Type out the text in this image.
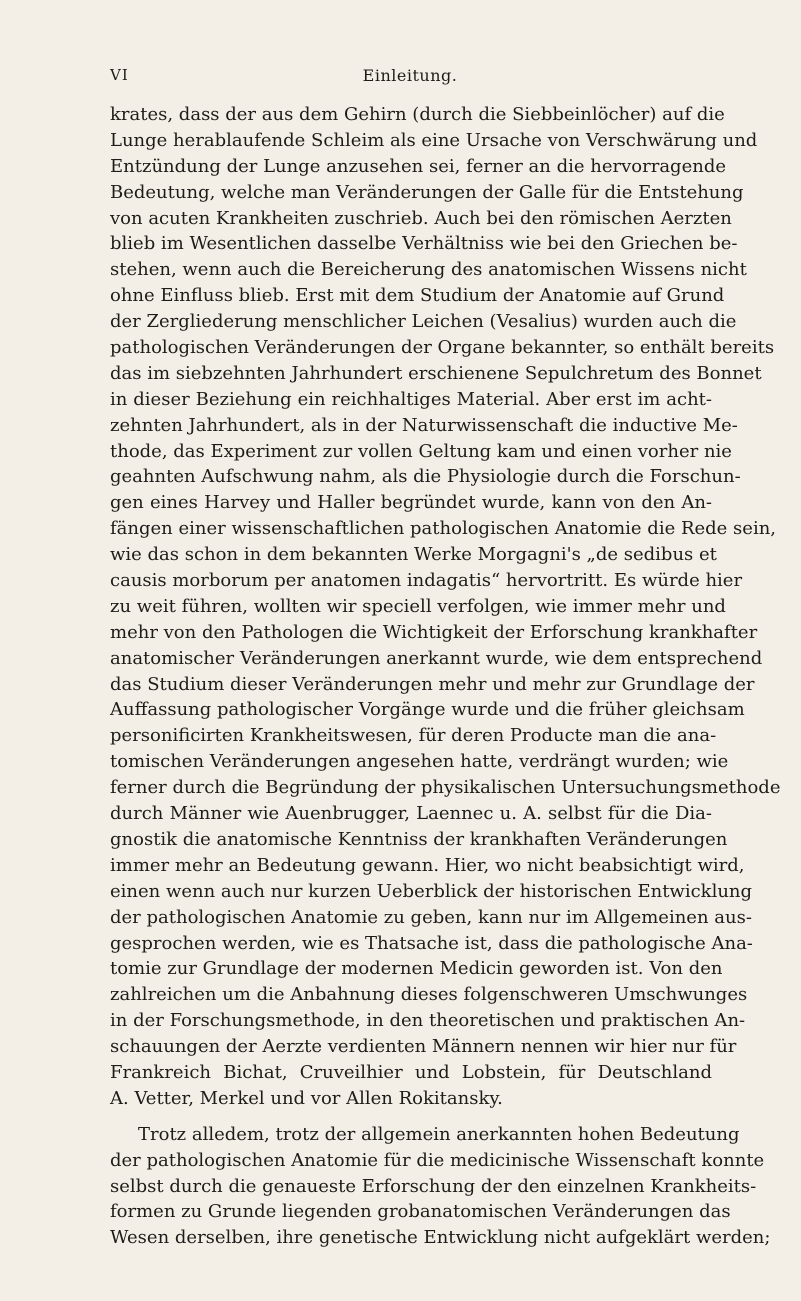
VI	Einleitung.
krates, dass der aus dem Gehirn (durch die Siebbeinlöcher) auf die
Lunge herablaufende Schleim als eine Ursache von Verschwärung und
Entzündung der Lunge anzusehen sei, ferner an die hervorragende
Bedeutung, welche man Veränderungen der Galle für die Entstehung
von acuten Krankheiten zuschrieb. Auch bei den römischen Aerzten
blieb im Wesentlichen dasselbe Verhältniss wie bei den Griechen be-
stehen, wenn auch die Bereicherung des anatomischen Wissens nicht
ohne Einfluss blieb. Erst mit dem Studium der Anatomie auf Grund
der Zergliederung menschlicher Leichen (Vesalius) wurden auch die
pathologischen Veränderungen der Organe bekannter, so enthält bereits
das im siebzehnten Jahrhundert erschienene Sepulchretum des Bonnet
in dieser Beziehung ein reichhaltiges Material. Aber erst im acht-
zehnten Jahrhundert, als in der Naturwissenschaft die inductive Me-
thode, das Experiment zur vollen Geltung kam und einen vorher nie
geahnten Aufschwung nahm, als die Physiologie durch die Forschun-
gen eines Harvey und Haller begründet wurde, kann von den An-
fängen einer wissenschaftlichen pathologischen Anatomie die Rede sein,
wie das schon in dem bekannten Werke Morgagni's „de sedibus et
causis morborum per anatomen indagatis“ hervortritt. Es würde hier
zu weit führen, wollten wir speciell verfolgen, wie immer mehr und
mehr von den Pathologen die Wichtigkeit der Erforschung krankhafter
anatomischer Veränderungen anerkannt wurde, wie dem entsprechend
das Studium dieser Veränderungen mehr und mehr zur Grundlage der
Auffassung pathologischer Vorgänge wurde und die früher gleichsam
personificirten Krankheitswesen, für deren Producte man die ana-
tomischen Veränderungen angesehen hatte, verdrängt wurden; wie
ferner durch die Begründung der physikalischen Untersuchungsmethode
durch Männer wie Auenbrugger, Laennec u. A. selbst für die Dia-
gnostik die anatomische Kenntniss der krankhaften Veränderungen
immer mehr an Bedeutung gewann. Hier, wo nicht beabsichtigt wird,
einen wenn auch nur kurzen Ueberblick der historischen Entwicklung
der pathologischen Anatomie zu geben, kann nur im Allgemeinen aus-
gesprochen werden, wie es Thatsache ist, dass die pathologische Ana-
tomie zur Grundlage der modernen Medicin geworden ist. Von den
zahlreichen um die Anbahnung dieses folgenschweren Umschwunges
in der Forschungsmethode, in den theoretischen und praktischen An-
schauungen der Aerzte verdienten Männern nennen wir hier nur für
Frankreich Bichat, Cruveilhier und Lobstein, für Deutschland
A. Vetter, Merkel und vor Allen Rokitansky.
Trotz alledem, trotz der allgemein anerkannten hohen Bedeutung
der pathologischen Anatomie für die medicinische Wissenschaft konnte
selbst durch die genaueste Erforschung der den einzelnen Krankheits-
formen zu Grunde liegenden grobanatomischen Veränderungen das
Wesen derselben, ihre genetische Entwicklung nicht aufgeklärt werden;
